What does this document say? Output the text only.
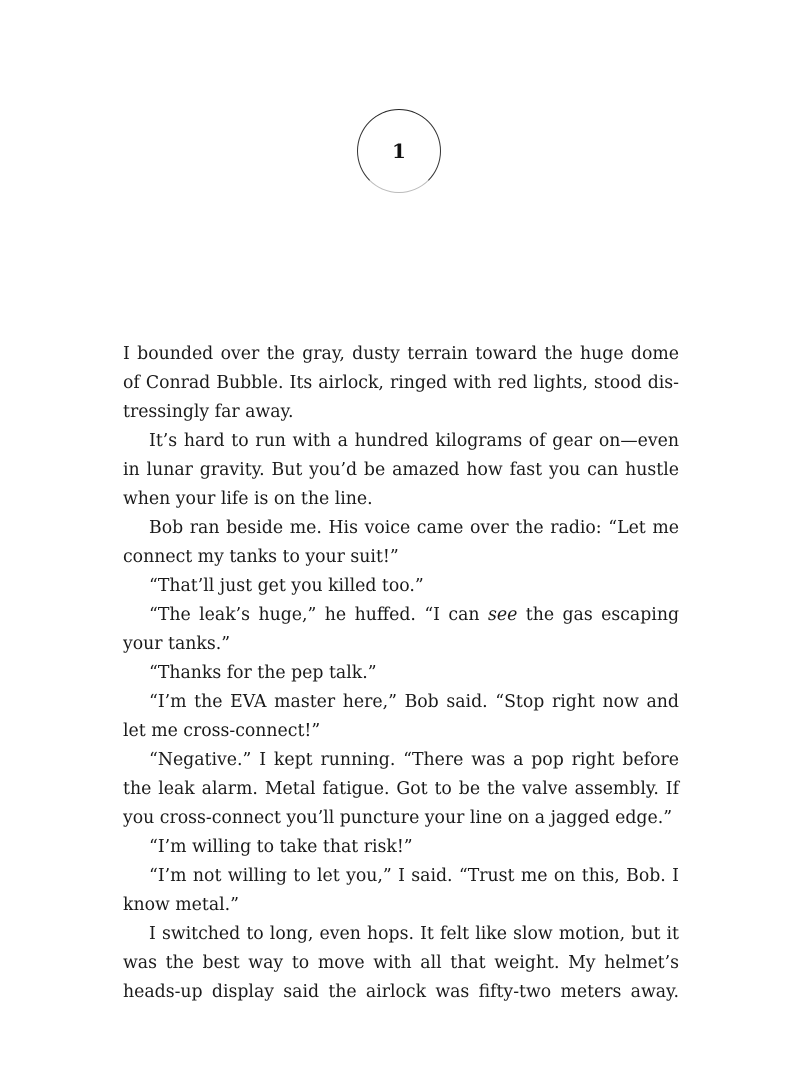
1

I bounded over the gray, dusty terrain toward the huge dome of Conrad Bubble. Its airlock, ringed with red lights, stood distressingly far away.

It’s hard to run with a hundred kilograms of gear on—even in lunar gravity. But you’d be amazed how fast you can hustle when your life is on the line.

Bob ran beside me. His voice came over the radio: “Let me connect my tanks to your suit!”

“That’ll just get you killed too.”

“The leak’s huge,” he huffed. “I can see the gas escaping your tanks.”

“Thanks for the pep talk.”

“I’m the EVA master here,” Bob said. “Stop right now and let me cross-connect!”

“Negative.” I kept running. “There was a pop right before the leak alarm. Metal fatigue. Got to be the valve assembly. If you cross-connect you’ll puncture your line on a jagged edge.”

“I’m willing to take that risk!”

“I’m not willing to let you,” I said. “Trust me on this, Bob. I know metal.”

I switched to long, even hops. It felt like slow motion, but it was the best way to move with all that weight. My helmet’s heads-up display said the airlock was fifty-two meters away.
